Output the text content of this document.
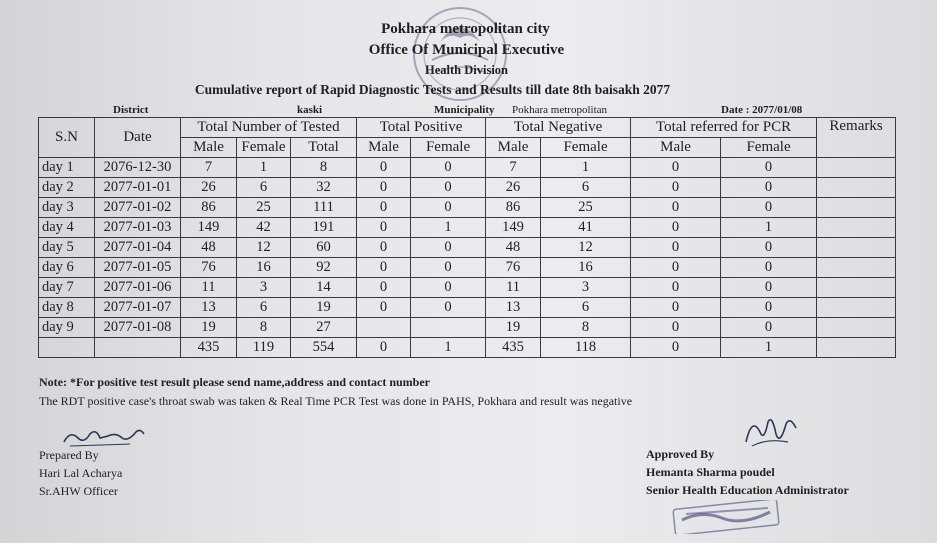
Pokhara metropolitan city
Office Of Municipal Executive
Health Division
Cumulative report of Rapid Diagnostic Tests and Results till date 8th baisakh 2077
District	kaski	Municipality Pokhara metropolitan	Date : 2077/01/08
S.N	Date	Total Number of Tested			Total Positive		Total Negative		Total referred for PCR		Remarks
		Male	Female	Total	Male	Female	Male	Female	Male	Female	
day 1	2076-12-30	7	1	8	0	0	7	1	0	0	
day 2	2077-01-01	26	6	32	0	0	26	6	0	0	
day 3	2077-01-02	86	25	111	0	0	86	25	0	0	
day 4	2077-01-03	149	42	191	0	1	149	41	0	1	
day 5	2077-01-04	48	12	60	0	0	48	12	0	0	
day 6	2077-01-05	76	16	92	0	0	76	16	0	0	
day 7	2077-01-06	11	3	14	0	0	11	3	0	0	
day 8	2077-01-07	13	6	19	0	0	13	6	0	0	
day 9	2077-01-08	19	8	27			19	8	0	0	
		435	119	554	0	1	435	118	0	1	
Note: *For positive test result please send name,address and contact number
The RDT positive case's throat swab was taken & Real Time PCR Test was done in PAHS, Pokhara and result was negative
Prepared By
Hari Lal Acharya
Sr.AHW Officer
Approved By
Hemanta Sharma poudel
Senior Health Education Administrator
